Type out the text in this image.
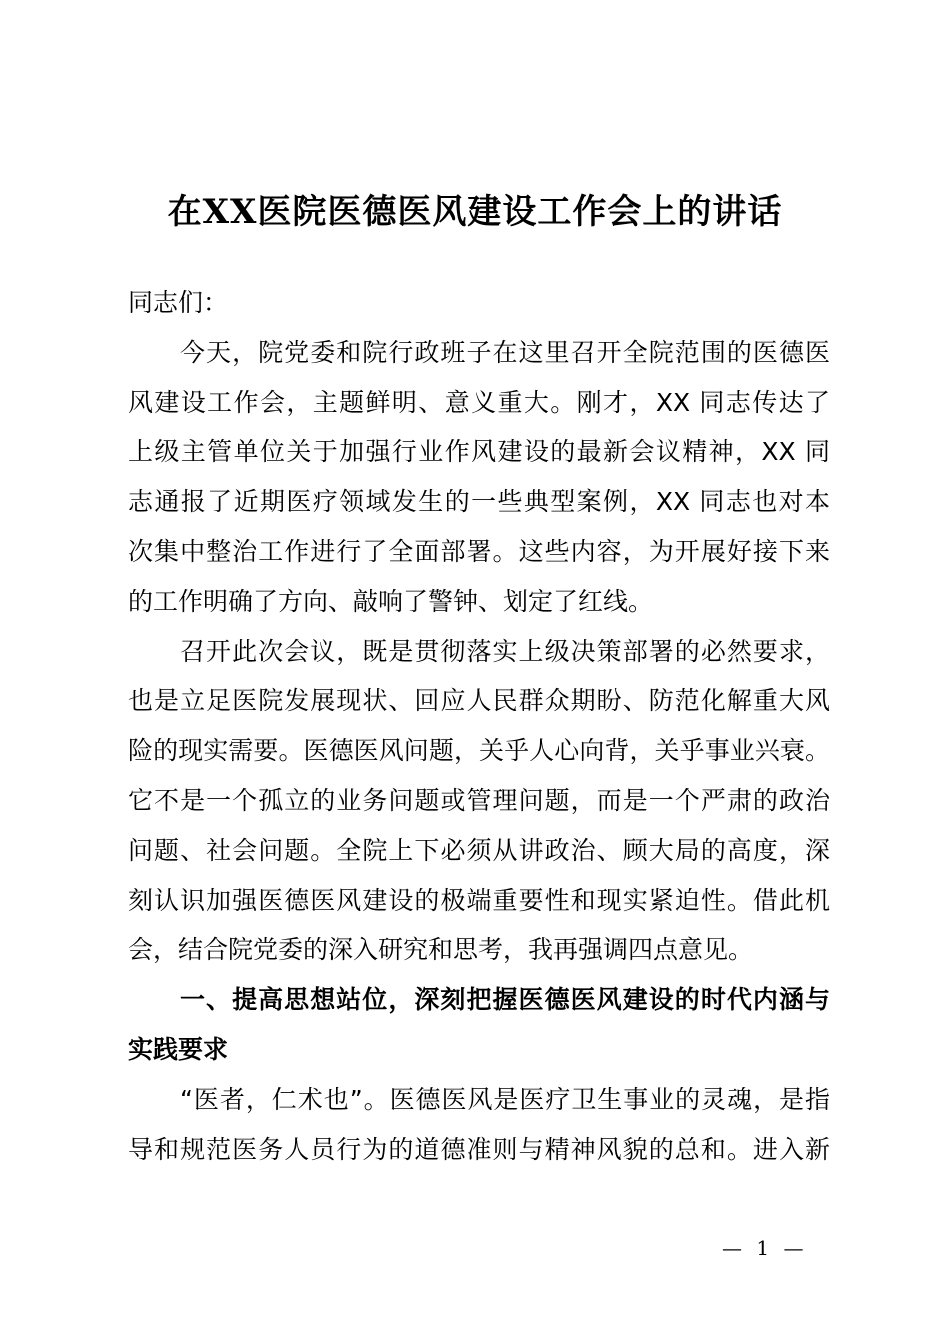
在XX医院医德医风建设工作会上的讲话
同志们：
今天，院党委和院行政班子在这里召开全院范围的医德医
风建设工作会，主题鲜明、意义重大。刚才，XX 同志传达了
上级主管单位关于加强行业作风建设的最新会议精神，XX 同
志通报了近期医疗领域发生的一些典型案例，XX 同志也对本
次集中整治工作进行了全面部署。这些内容，为开展好接下来
的工作明确了方向、敲响了警钟、划定了红线。
召开此次会议，既是贯彻落实上级决策部署的必然要求，
也是立足医院发展现状、回应人民群众期盼、防范化解重大风
险的现实需要。医德医风问题，关乎人心向背，关乎事业兴衰。
它不是一个孤立的业务问题或管理问题，而是一个严肃的政治
问题、社会问题。全院上下必须从讲政治、顾大局的高度，深
刻认识加强医德医风建设的极端重要性和现实紧迫性。借此机
会，结合院党委的深入研究和思考，我再强调四点意见。
一、提高思想站位，深刻把握医德医风建设的时代内涵与
实践要求
“医者，仁术也”。医德医风是医疗卫生事业的灵魂，是指
导和规范医务人员行为的道德准则与精神风貌的总和。进入新
— 1 —
